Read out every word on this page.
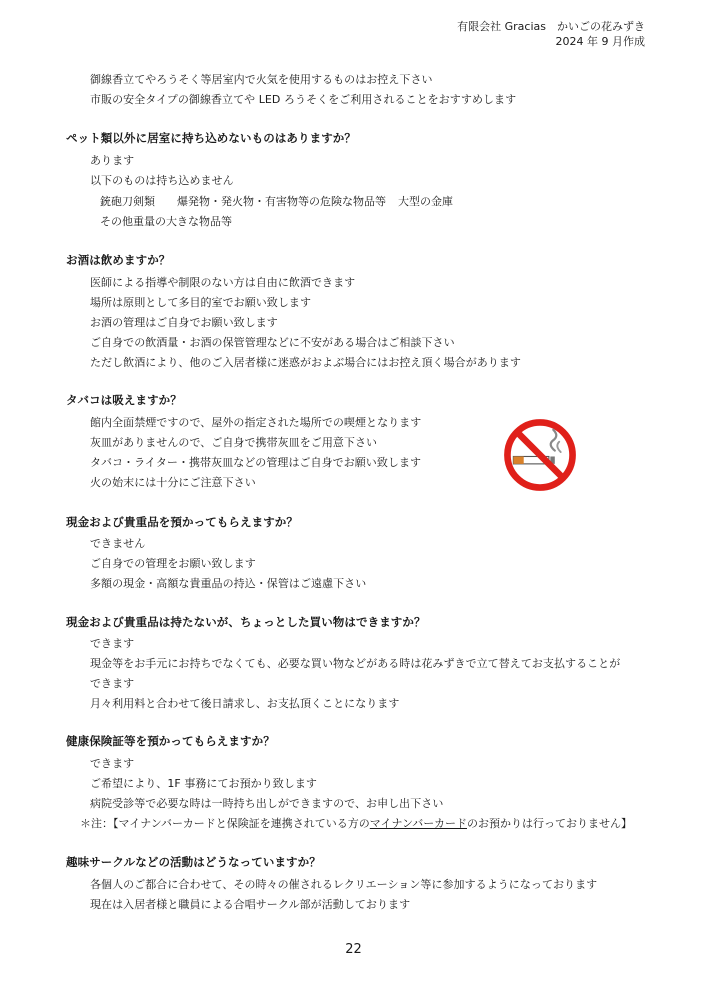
有限会社 Gracias　かいごの花みずき
2024 年 9 月作成
御線香立てやろうそく等居室内で火気を使用するものはお控え下さい
市販の安全タイプの御線香立てや LED ろうそくをご利用されることをおすすめします
ペット類以外に居室に持ち込めないものはありますか？
あります
以下のものは持ち込めません
銃砲刀剣類 爆発物・発火物・有害物等の危険な物品等 大型の金庫
その他重量の大きな物品等
お酒は飲めますか？
医師による指導や制限のない方は自由に飲酒できます
場所は原則として多目的室でお願い致します
お酒の管理はご自身でお願い致します
ご自身での飲酒量・お酒の保管管理などに不安がある場合はご相談下さい
ただし飲酒により、他のご入居者様に迷惑がおよぶ場合にはお控え頂く場合があります
タバコは吸えますか？
館内全面禁煙ですので、屋外の指定された場所での喫煙となります
灰皿がありませんので、ご自身で携帯灰皿をご用意下さい
タバコ・ライター・携帯灰皿などの管理はご自身でお願い致します
火の始末には十分にご注意下さい
現金および貴重品を預かってもらえますか？
できません
ご自身での管理をお願い致します
多額の現金・高額な貴重品の持込・保管はご遠慮下さい
現金および貴重品は持たないが、ちょっとした買い物はできますか？
できます
現金等をお手元にお持ちでなくても、必要な買い物などがある時は花みずきで立て替えてお支払することが
できます
月々利用料と合わせて後日請求し、お支払頂くことになります
健康保険証等を預かってもらえますか？
できます
ご希望により、1F 事務にてお預かり致します
病院受診等で必要な時は一時持ち出しができますので、お申し出下さい
＊注：【マイナンバーカードと保険証を連携されている方のマイナンバーカードのお預かりは行っておりません】
趣味サークルなどの活動はどうなっていますか？
各個人のご都合に合わせて、その時々の催されるレクリエーション等に参加するようになっております
現在は入居者様と職員による合唱サークル部が活動しております
22
